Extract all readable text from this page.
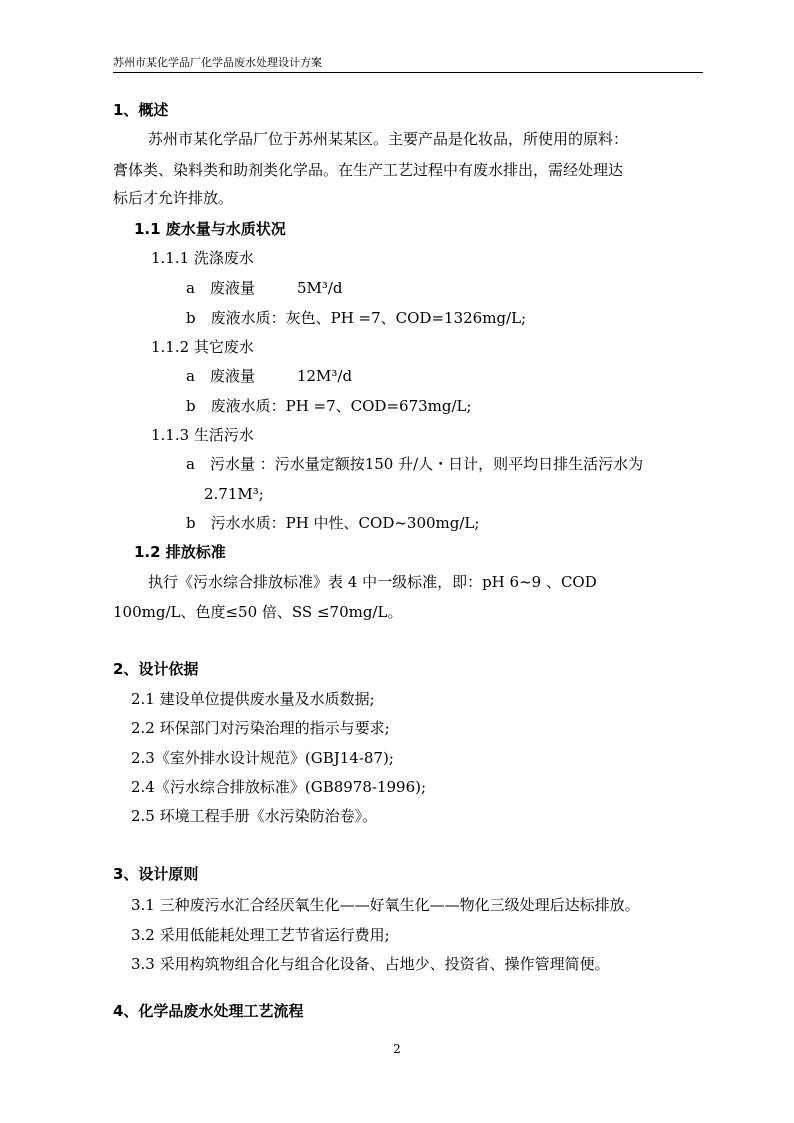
苏州市某化学品厂化学品废水处理设计方案
1、概述
苏州市某化学品厂位于苏州某某区。主要产品是化妆品，所使用的原料：
膏体类、染料类和助剂类化学品。在生产工艺过程中有废水排出，需经处理达
标后才允许排放。
1.1 废水量与水质状况
1.1.1 洗涤废水
a　废液量	5M³/d
b　废液水质：灰色、PH =7、COD=1326mg/L;
1.1.2 其它废水
a　废液量	12M³/d
b　废液水质：PH =7、COD=673mg/L;
1.1.3 生活污水
a　污水量 ：污水量定额按150 升/人・日计，则平均日排生活污水为
2.71M³;
b　污水水质：PH 中性、COD~300mg/L;
1.2 排放标准
执行《污水综合排放标准》表 4 中一级标准，即：pH 6~9 、COD
100mg/L、色度≤50 倍、SS ≤70mg/L。
2、设计依据
2.1 建设单位提供废水量及水质数据;
2.2 环保部门对污染治理的指示与要求;
2.3《室外排水设计规范》(GBJ14-87);
2.4《污水综合排放标准》(GB8978-1996);
2.5 环境工程手册《水污染防治卷》。
3、设计原则
3.1 三种废污水汇合经厌氧生化——好氧生化——物化三级处理后达标排放。
3.2 采用低能耗处理工艺节省运行费用;
3.3 采用构筑物组合化与组合化设备、占地少、投资省、操作管理简便。
4、化学品废水处理工艺流程
2
